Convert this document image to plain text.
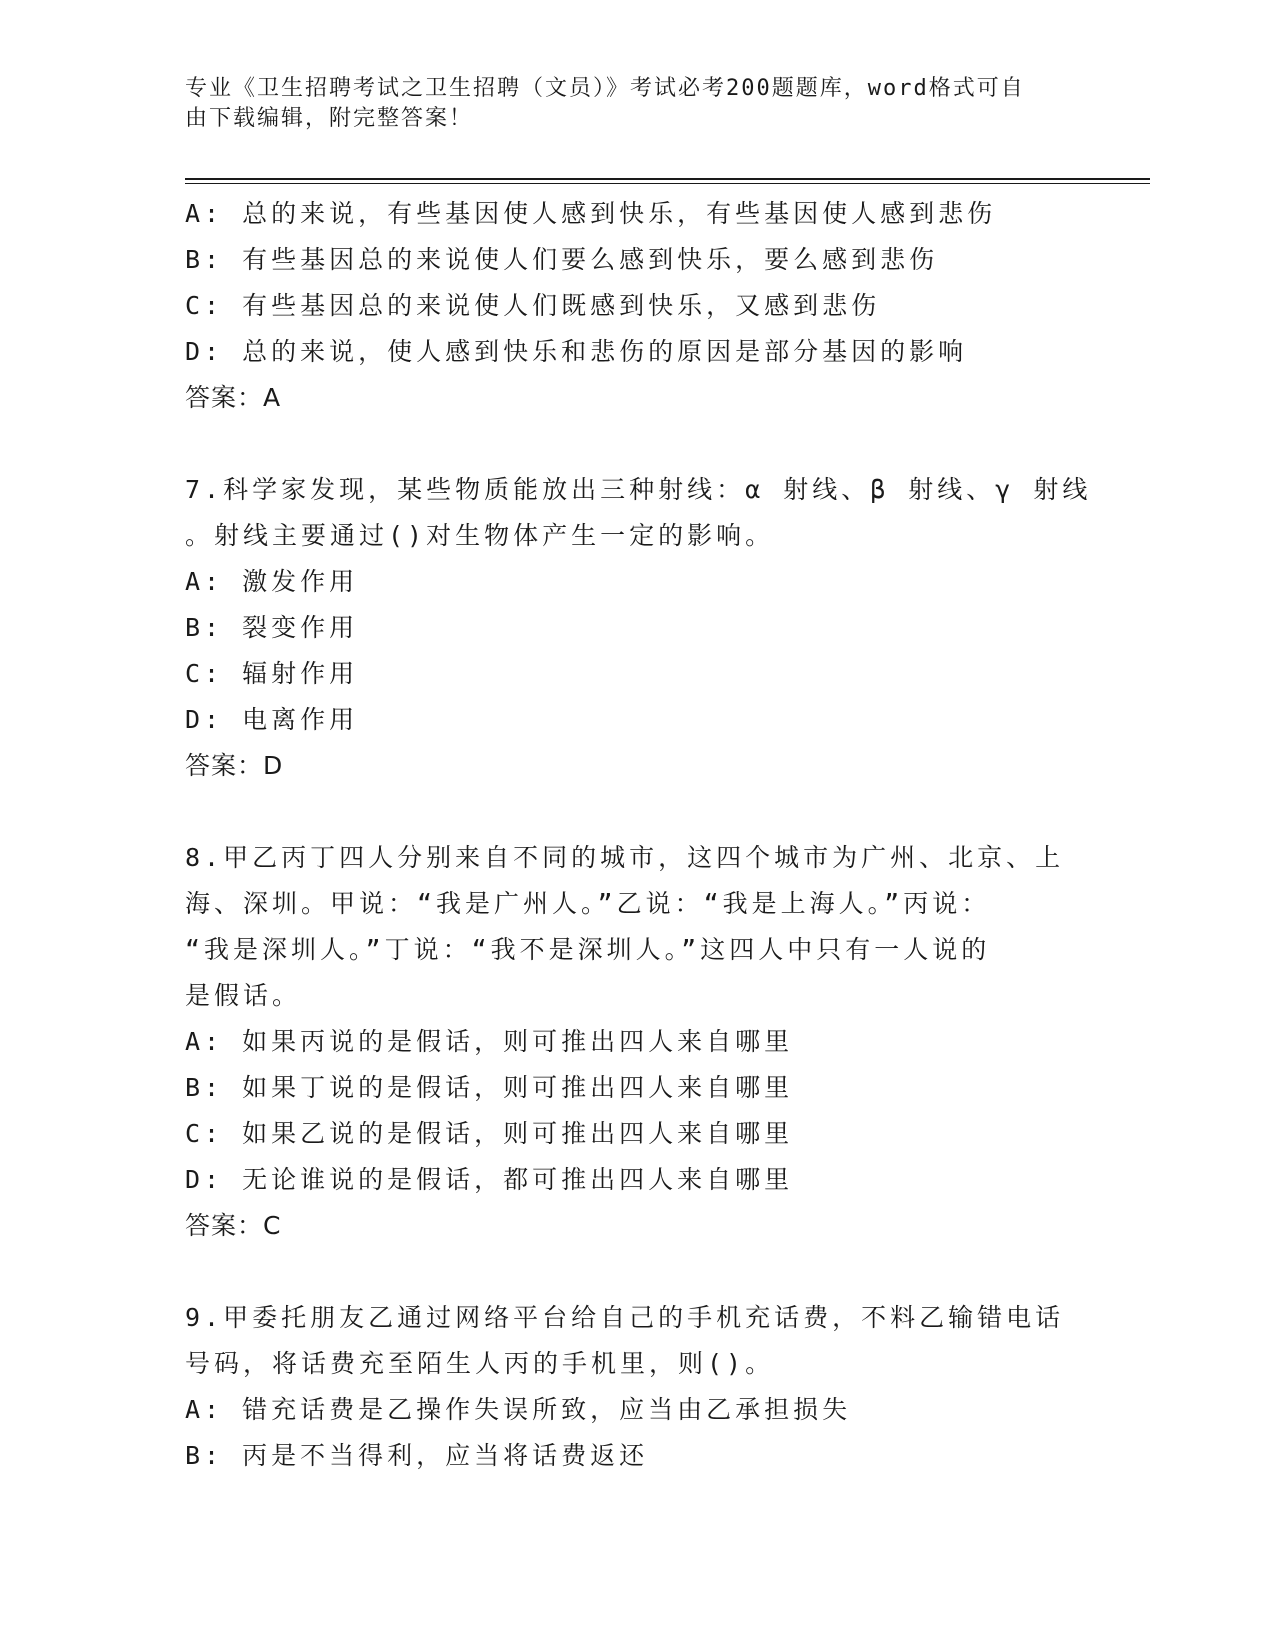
专业《卫生招聘考试之卫生招聘（文员）》考试必考200题题库，word格式可自
由下载编辑，附完整答案！
A: 总的来说，有些基因使人感到快乐，有些基因使人感到悲伤
B: 有些基因总的来说使人们要么感到快乐，要么感到悲伤
C: 有些基因总的来说使人们既感到快乐，又感到悲伤
D: 总的来说，使人感到快乐和悲伤的原因是部分基因的影响
答案：A
7.科学家发现，某些物质能放出三种射线：α 射线、β 射线、γ 射线
。射线主要通过()对生物体产生一定的影响。
A: 激发作用
B: 裂变作用
C: 辐射作用
D: 电离作用
答案：D
8.甲乙丙丁四人分别来自不同的城市，这四个城市为广州、北京、上
海、深圳。甲说：“我是广州人。”乙说：“我是上海人。”丙说：
“我是深圳人。”丁说：“我不是深圳人。”这四人中只有一人说的
是假话。
A: 如果丙说的是假话，则可推出四人来自哪里
B: 如果丁说的是假话，则可推出四人来自哪里
C: 如果乙说的是假话，则可推出四人来自哪里
D: 无论谁说的是假话，都可推出四人来自哪里
答案：C
9.甲委托朋友乙通过网络平台给自己的手机充话费，不料乙输错电话
号码，将话费充至陌生人丙的手机里，则()。
A: 错充话费是乙操作失误所致，应当由乙承担损失
B: 丙是不当得利，应当将话费返还
